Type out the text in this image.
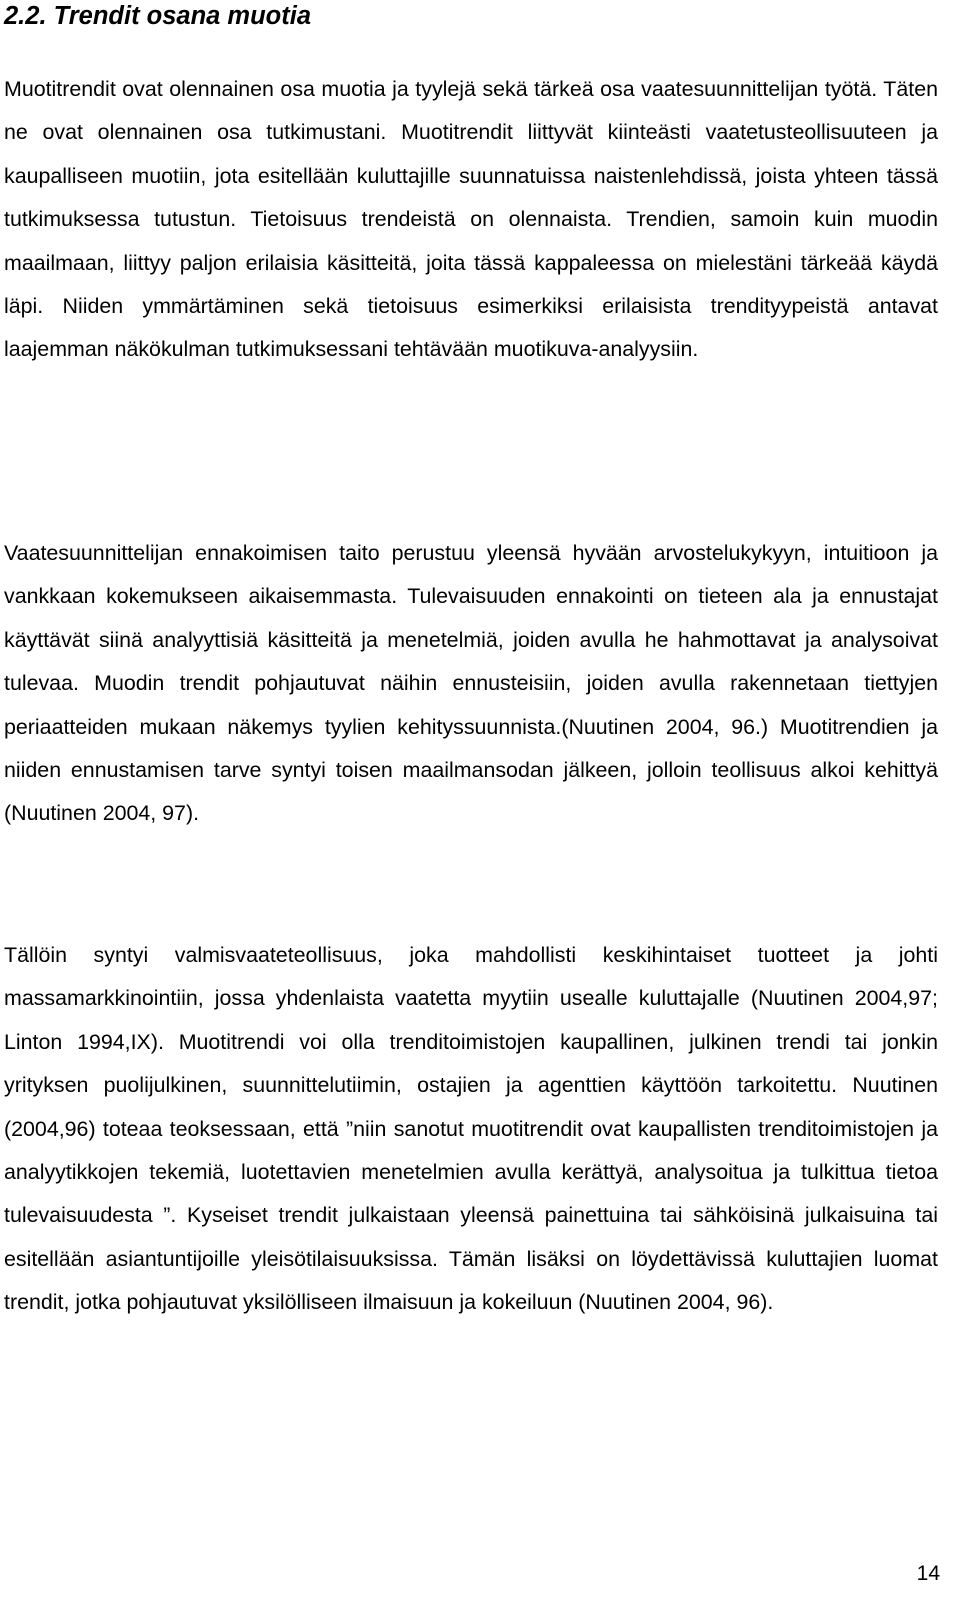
2.2. Trendit osana muotia

Muotitrendit ovat olennainen osa muotia ja tyylejä sekä tärkeä osa vaatesuunnittelijan työtä. Täten ne ovat olennainen osa tutkimustani. Muotitrendit liittyvät kiinteästi vaatetusteollisuuteen ja kaupalliseen muotiin, jota esitellään kuluttajille suunnatuissa naistenlehdissä, joista yhteen tässä tutkimuksessa tutustun. Tietoisuus trendeistä on olennaista. Trendien, samoin kuin muodin maailmaan, liittyy paljon erilaisia käsitteitä, joita tässä kappaleessa on mielestäni tärkeää käydä läpi. Niiden ymmärtäminen sekä tietoisuus esimerkiksi erilaisista trendityypeistä antavat laajemman näkökulman tutkimuksessani tehtävään muotikuva-analyysiin.

Vaatesuunnittelijan ennakoimisen taito perustuu yleensä hyvään arvostelukykyyn, intuitioon ja vankkaan kokemukseen aikaisemmasta. Tulevaisuuden ennakointi on tieteen ala ja ennustajat käyttävät siinä analyyttisiä käsitteitä ja menetelmiä, joiden avulla he hahmottavat ja analysoivat tulevaa. Muodin trendit pohjautuvat näihin ennusteisiin, joiden avulla rakennetaan tiettyjen periaatteiden mukaan näkemys tyylien kehityssuunnista.(Nuutinen 2004, 96.) Muotitrendien ja niiden ennustamisen tarve syntyi toisen maailmansodan jälkeen, jolloin teollisuus alkoi kehittyä (Nuutinen 2004, 97).

Tällöin syntyi valmisvaateteollisuus, joka mahdollisti keskihintaiset tuotteet ja johti massamarkkinointiin, jossa yhdenlaista vaatetta myytiin usealle kuluttajalle (Nuutinen 2004,97; Linton 1994,IX). Muotitrendi voi olla trenditoimistojen kaupallinen, julkinen trendi tai jonkin yrityksen puolijulkinen, suunnittelutiimin, ostajien ja agenttien käyttöön tarkoitettu. Nuutinen (2004,96) toteaa teoksessaan, että ”niin sanotut muotitrendit ovat kaupallisten trenditoimistojen ja analyytikkojen tekemiä, luotettavien menetelmien avulla kerättyä, analysoitua ja tulkittua tietoa tulevaisuudesta ”. Kyseiset trendit julkaistaan yleensä painettuina tai sähköisinä julkaisuina tai esitellään asiantuntijoille yleisötilaisuuksissa. Tämän lisäksi on löydettävissä kuluttajien luomat trendit, jotka pohjautuvat yksilölliseen ilmaisuun ja kokeiluun (Nuutinen 2004, 96).

14
